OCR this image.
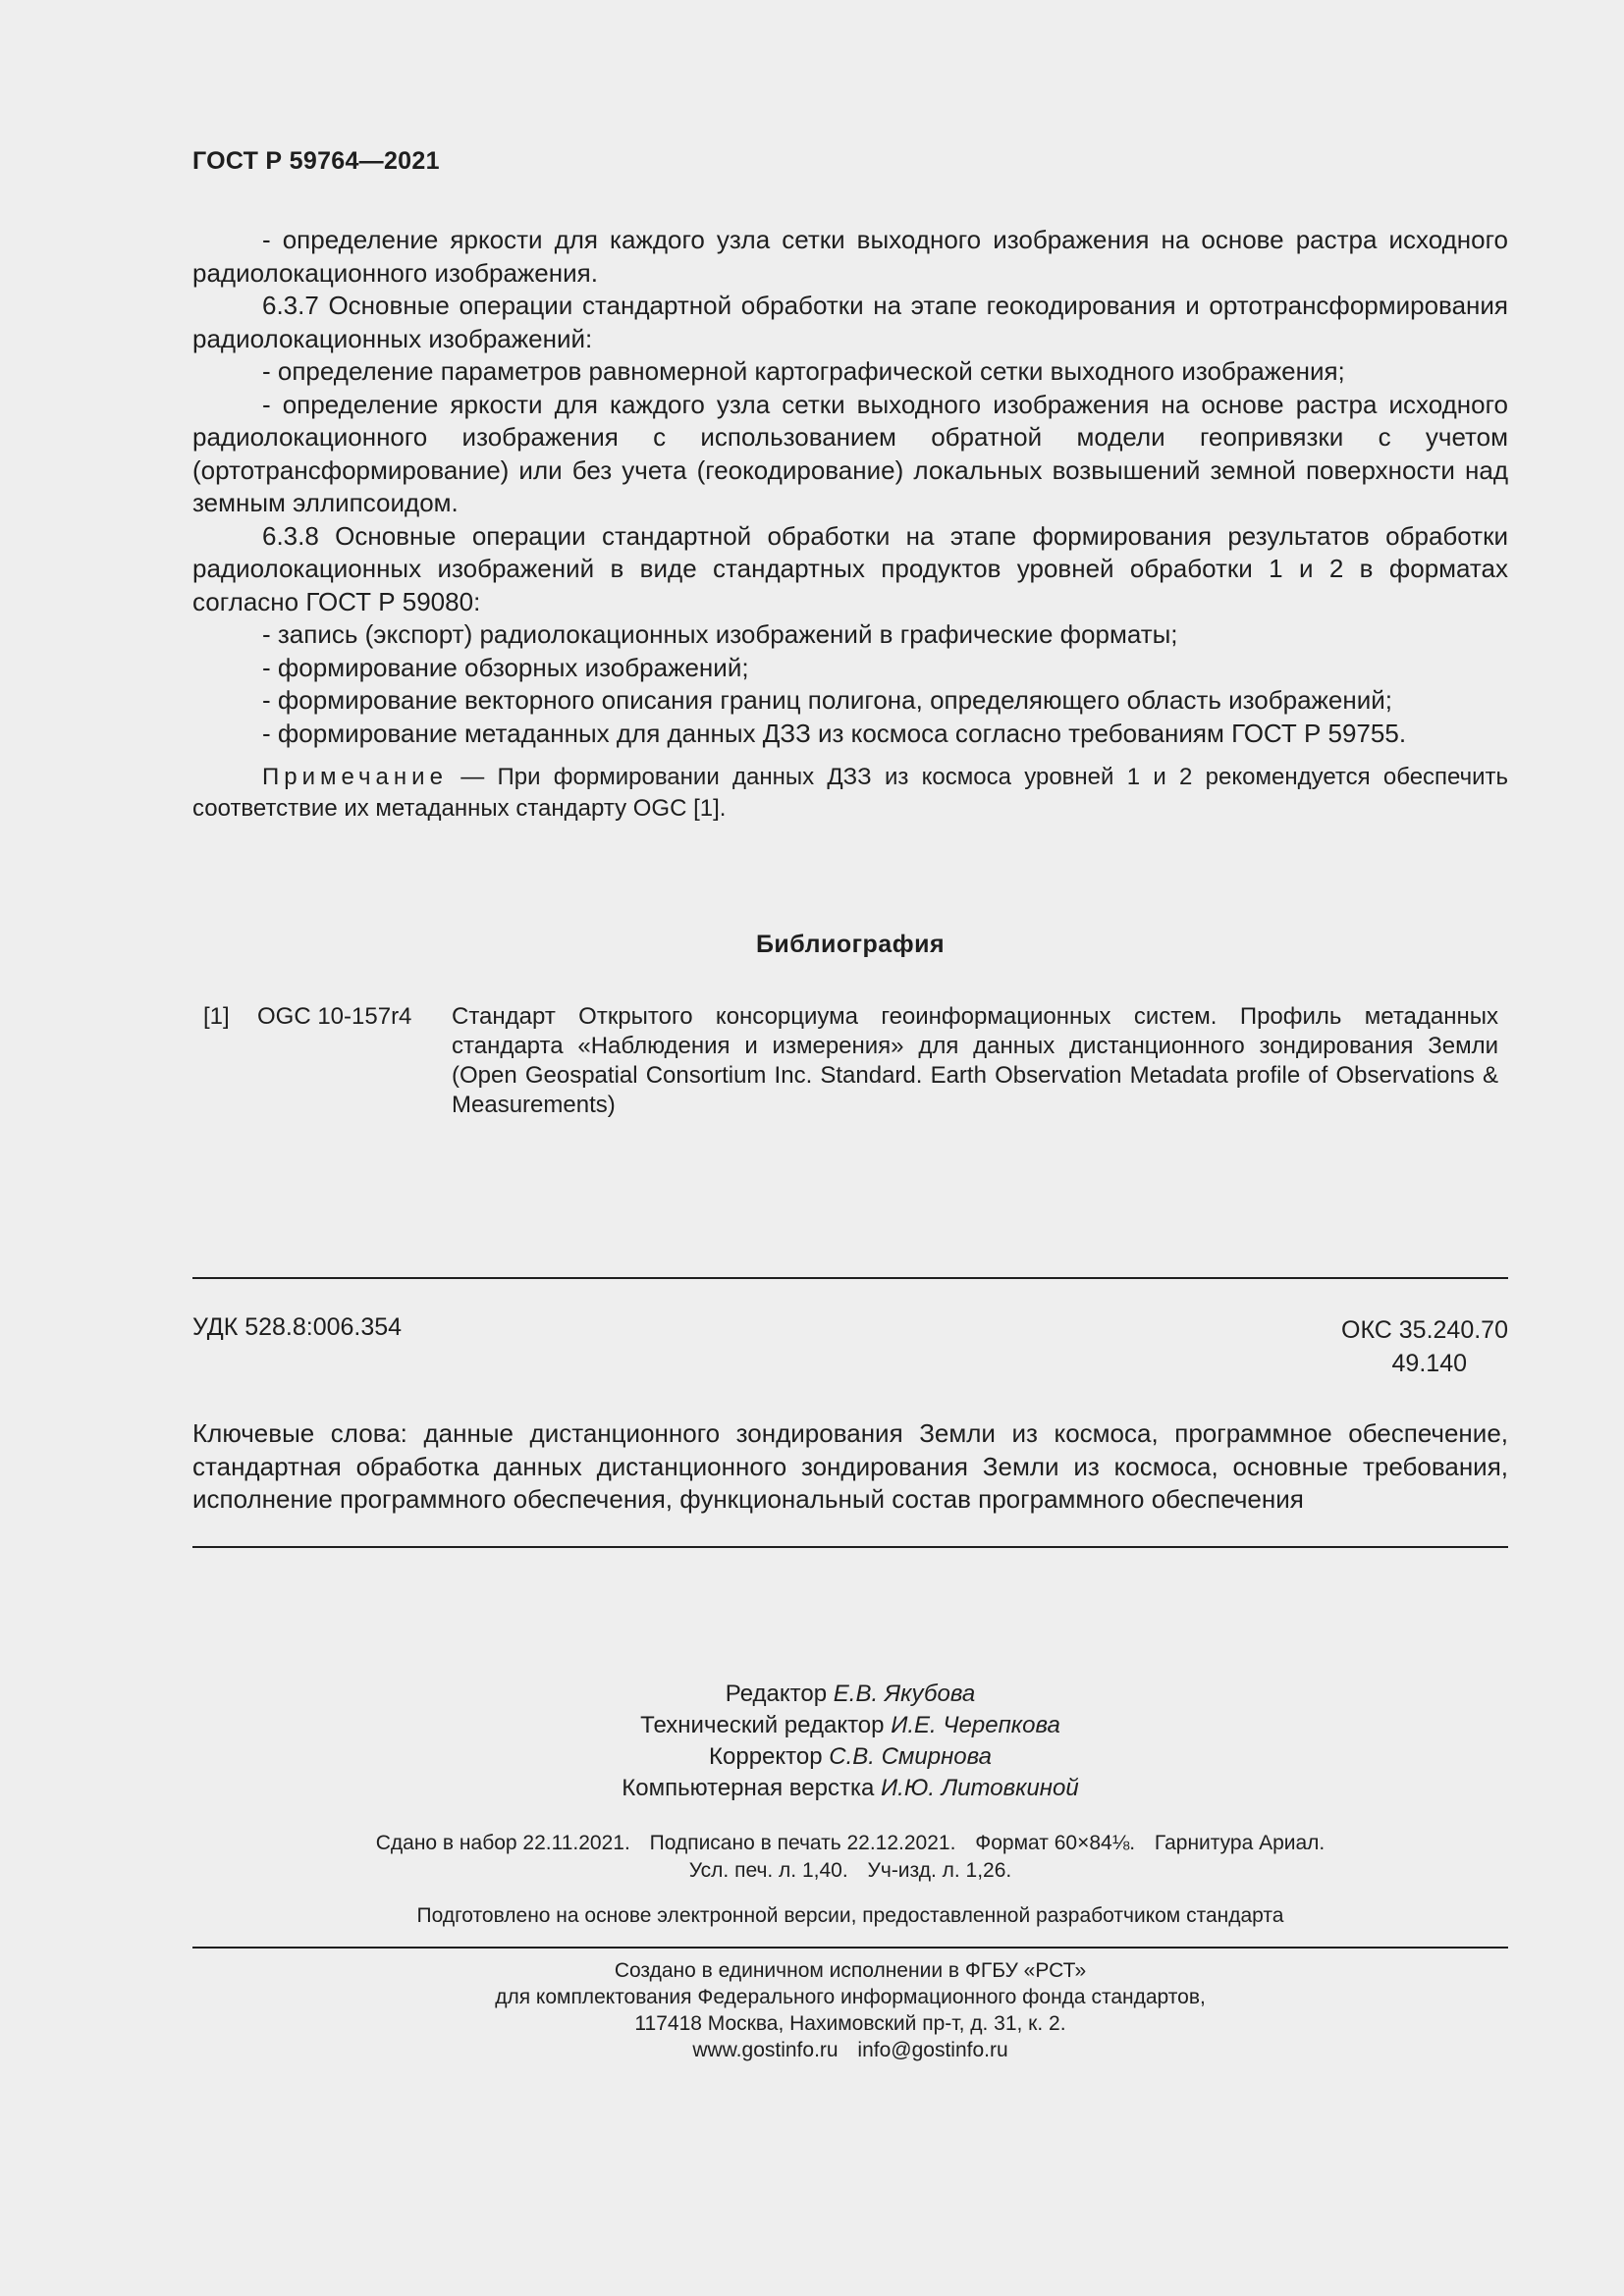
ГОСТ Р 59764—2021

- определение яркости для каждого узла сетки выходного изображения на основе растра исходного радиолокационного изображения.

6.3.7 Основные операции стандартной обработки на этапе геокодирования и ортотрансформирования радиолокационных изображений:

- определение параметров равномерной картографической сетки выходного изображения;

- определение яркости для каждого узла сетки выходного изображения на основе растра исходного радиолокационного изображения с использованием обратной модели геопривязки с учетом (ортотрансформирование) или без учета (геокодирование) локальных возвышений земной поверхности над земным эллипсоидом.

6.3.8 Основные операции стандартной обработки на этапе формирования результатов обработки радиолокационных изображений в виде стандартных продуктов уровней обработки 1 и 2 в форматах согласно ГОСТ Р 59080:

- запись (экспорт) радиолокационных изображений в графические форматы;

- формирование обзорных изображений;

- формирование векторного описания границ полигона, определяющего область изображений;

- формирование метаданных для данных ДЗЗ из космоса согласно требованиям ГОСТ Р 59755.

Примечание — При формировании данных ДЗЗ из космоса уровней 1 и 2 рекомендуется обеспечить соответствие их метаданных стандарту OGC [1].

Библиография
[1] OGC 10-157r4 Стандарт Открытого консорциума геоинформационных систем. Профиль метаданных стандарта «Наблюдения и измерения» для данных дистанционного зондирования Земли (Open Geospatial Consortium Inc. Standard. Earth Observation Metadata profile of Observations & Measurements)
УДК 528.8:006.354	ОКС 35.240.70
49.140
Ключевые слова: данные дистанционного зондирования Земли из космоса, программное обеспечение, стандартная обработка данных дистанционного зондирования Земли из космоса, основные требования, исполнение программного обеспечения, функциональный состав программного обеспечения
Редактор Е.В. Якубова
Технический редактор И.Е. Черепкова
Корректор С.В. Смирнова
Компьютерная верстка И.Ю. Литовкиной
Сдано в набор 22.11.2021. Подписано в печать 22.12.2021. Формат 60×84⅛. Гарнитура Ариал.
Усл. печ. л. 1,40. Уч-изд. л. 1,26.
Подготовлено на основе электронной версии, предоставленной разработчиком стандарта
Создано в единичном исполнении в ФГБУ «РСТ»
для комплектования Федерального информационного фонда стандартов,
117418 Москва, Нахимовский пр-т, д. 31, к. 2.
www.gostinfo.ru info@gostinfo.ru
